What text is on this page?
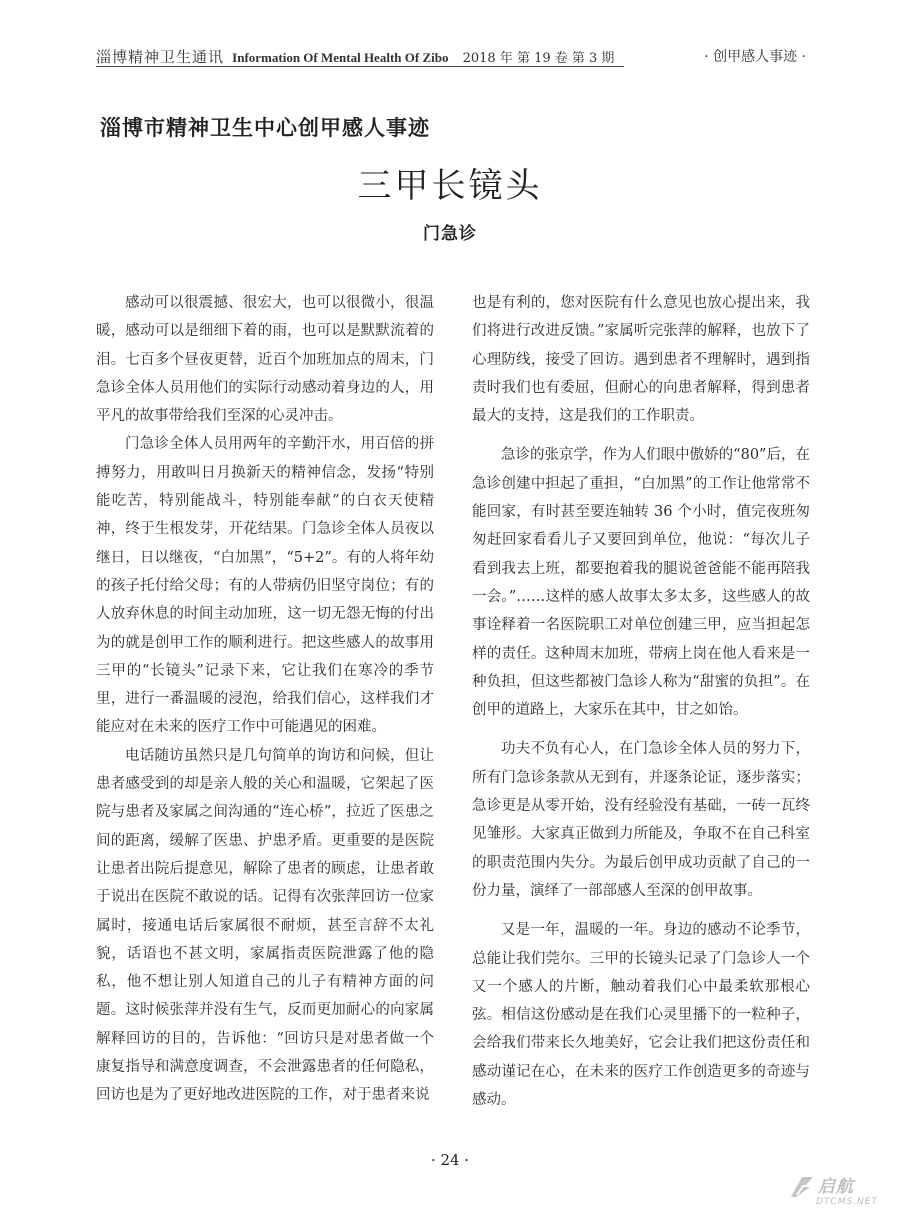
淄博精神卫生通讯 Information Of Mental Health Of Zibo 2018 年 第 19 卷 第 3 期	· 创甲感人事迹 ·
淄博市精神卫生中心创甲感人事迹
三甲长镜头
门急诊

感动可以很震撼、很宏大，也可以很微小，很温暖，感动可以是细细下着的雨，也可以是默默流着的泪。七百多个昼夜更替，近百个加班加点的周末，门急诊全体人员用他们的实际行动感动着身边的人，用平凡的故事带给我们至深的心灵冲击。

门急诊全体人员用两年的辛勤汗水，用百倍的拼搏努力，用敢叫日月换新天的精神信念，发扬“特别能吃苦，特别能战斗，特别能奉献”的白衣天使精神，终于生根发芽，开花结果。门急诊全体人员夜以继日，日以继夜，“白加黑”，“5+2”。有的人将年幼的孩子托付给父母；有的人带病仍旧坚守岗位；有的人放弃休息的时间主动加班，这一切无怨无悔的付出为的就是创甲工作的顺利进行。把这些感人的故事用三甲的“长镜头”记录下来，它让我们在寒冷的季节里，进行一番温暖的浸泡，给我们信心，这样我们才能应对在未来的医疗工作中可能遇见的困难。

电话随访虽然只是几句简单的询访和问候，但让患者感受到的却是亲人般的关心和温暖，它架起了医院与患者及家属之间沟通的“连心桥”，拉近了医患之间的距离，缓解了医患、护患矛盾。更重要的是医院让患者出院后提意见，解除了患者的顾虑，让患者敢于说出在医院不敢说的话。记得有次张萍回访一位家属时，接通电话后家属很不耐烦，甚至言辞不太礼貌，话语也不甚文明，家属指责医院泄露了他的隐私，他不想让别人知道自己的儿子有精神方面的问题。这时候张萍并没有生气，反而更加耐心的向家属解释回访的目的，告诉他：“回访只是对患者做一个康复指导和满意度调查，不会泄露患者的任何隐私，回访也是为了更好地改进医院的工作，对于患者来说

也是有利的，您对医院有什么意见也放心提出来，我们将进行改进反馈。”家属听完张萍的解释，也放下了心理防线，接受了回访。遇到患者不理解时，遇到指责时我们也有委屈，但耐心的向患者解释，得到患者最大的支持，这是我们的工作职责。

急诊的张京学，作为人们眼中傲娇的“80”后，在急诊创建中担起了重担，“白加黑”的工作让他常常不能回家，有时甚至要连轴转 36 个小时，值完夜班匆匆赶回家看看儿子又要回到单位，他说：“每次儿子看到我去上班，都要抱着我的腿说爸爸能不能再陪我一会。”……这样的感人故事太多太多，这些感人的故事诠释着一名医院职工对单位创建三甲，应当担起怎样的责任。这种周末加班，带病上岗在他人看来是一种负担，但这些都被门急诊人称为“甜蜜的负担”。在创甲的道路上，大家乐在其中，甘之如饴。

功夫不负有心人，在门急诊全体人员的努力下，所有门急诊条款从无到有，并逐条论证，逐步落实；急诊更是从零开始，没有经验没有基础，一砖一瓦终见雏形。大家真正做到力所能及，争取不在自己科室的职责范围内失分。为最后创甲成功贡献了自己的一份力量，演绎了一部部感人至深的创甲故事。

又是一年，温暖的一年。身边的感动不论季节，总能让我们莞尔。三甲的长镜头记录了门急诊人一个又一个感人的片断，触动着我们心中最柔软那根心弦。相信这份感动是在我们心灵里播下的一粒种子，会给我们带来长久地美好，它会让我们把这份责任和感动谨记在心，在未来的医疗工作创造更多的奇迹与感动。

· 24 ·
启航
DTCMS.NET
